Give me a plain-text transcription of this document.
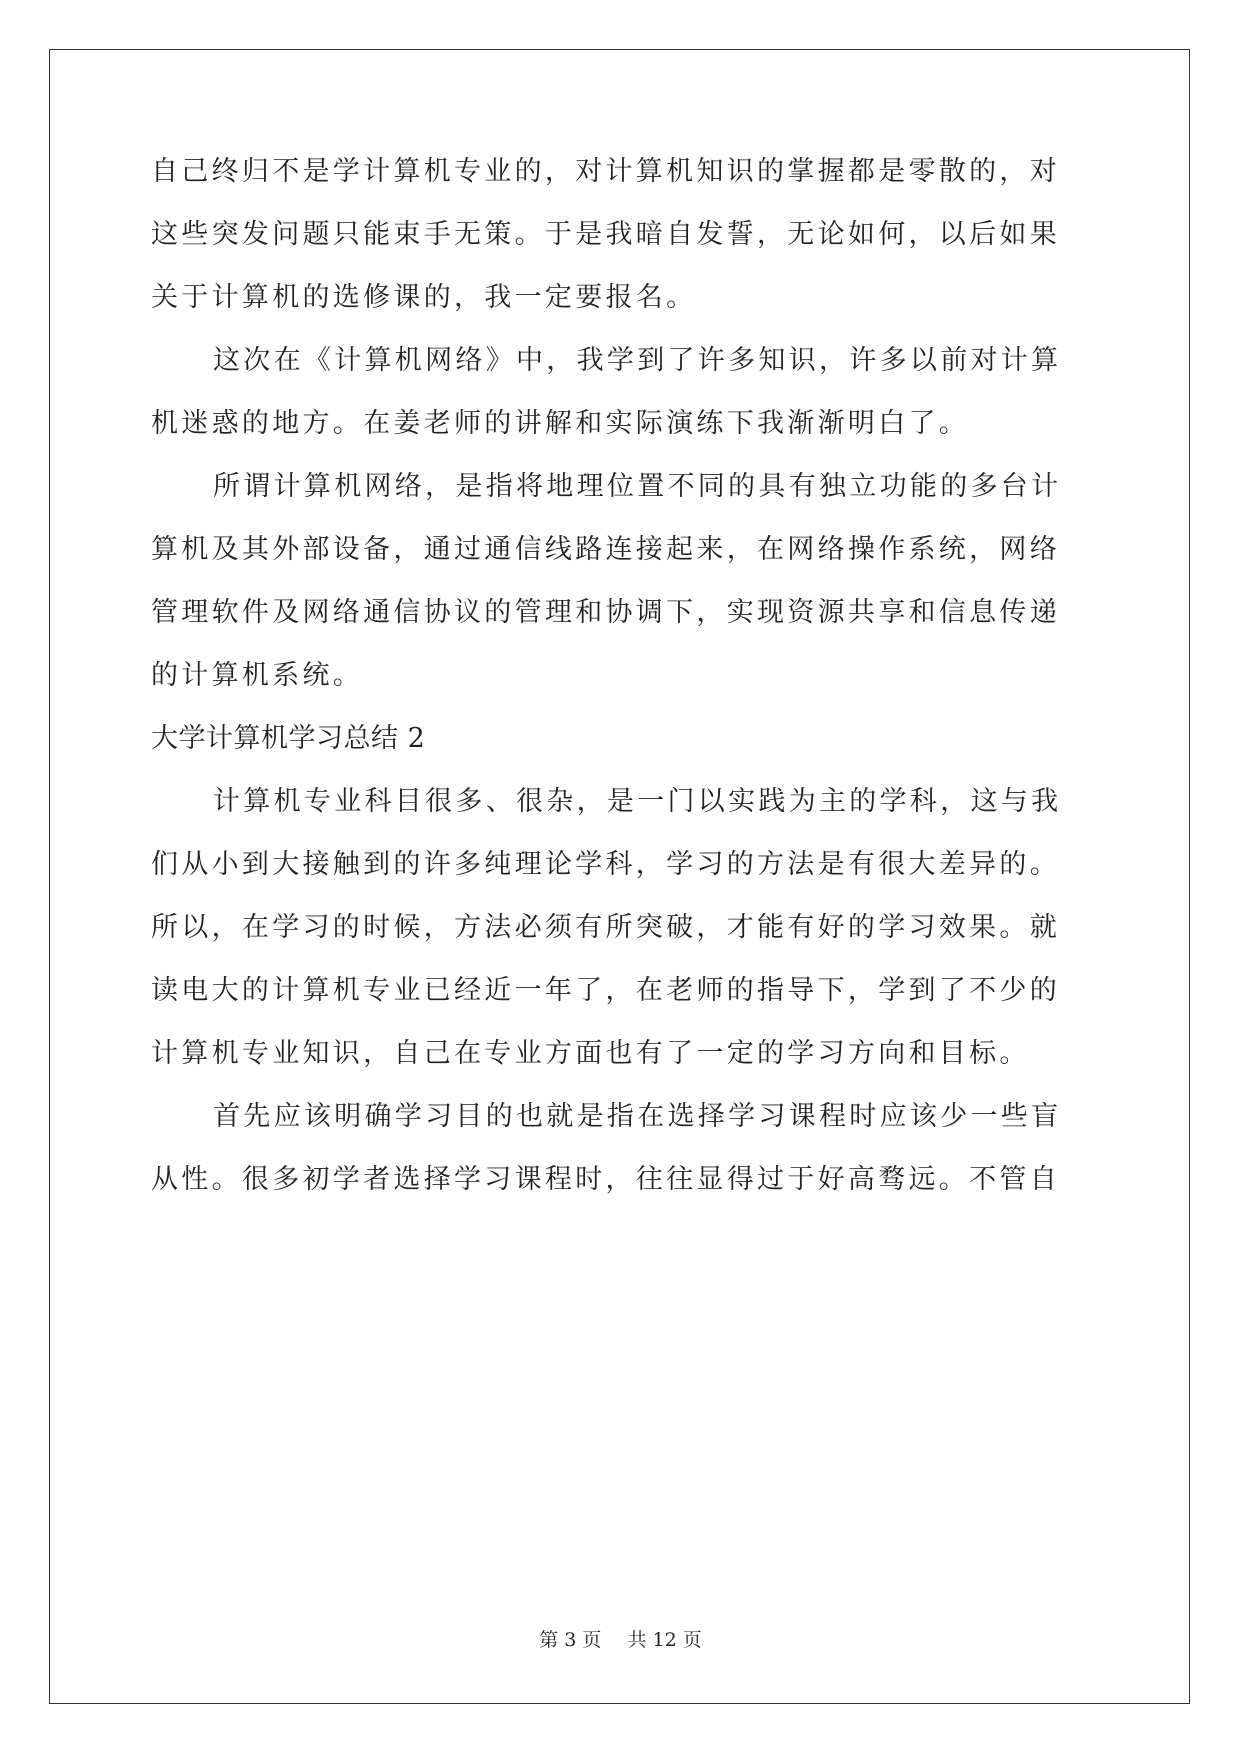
自己终归不是学计算机专业的，对计算机知识的掌握都是零散的，对
这些突发问题只能束手无策。于是我暗自发誓，无论如何，以后如果
关于计算机的选修课的，我一定要报名。
这次在《计算机网络》中，我学到了许多知识，许多以前对计算
机迷惑的地方。在姜老师的讲解和实际演练下我渐渐明白了。
所谓计算机网络，是指将地理位置不同的具有独立功能的多台计
算机及其外部设备，通过通信线路连接起来，在网络操作系统，网络
管理软件及网络通信协议的管理和协调下，实现资源共享和信息传递
的计算机系统。
大学计算机学习总结 2
计算机专业科目很多、很杂，是一门以实践为主的学科，这与我
们从小到大接触到的许多纯理论学科，学习的方法是有很大差异的。
所以，在学习的时候，方法必须有所突破，才能有好的学习效果。就
读电大的计算机专业已经近一年了，在老师的指导下，学到了不少的
计算机专业知识，自己在专业方面也有了一定的学习方向和目标。
首先应该明确学习目的也就是指在选择学习课程时应该少一些盲
从性。很多初学者选择学习课程时，往往显得过于好高骛远。不管自
第 3 页 共 12 页
